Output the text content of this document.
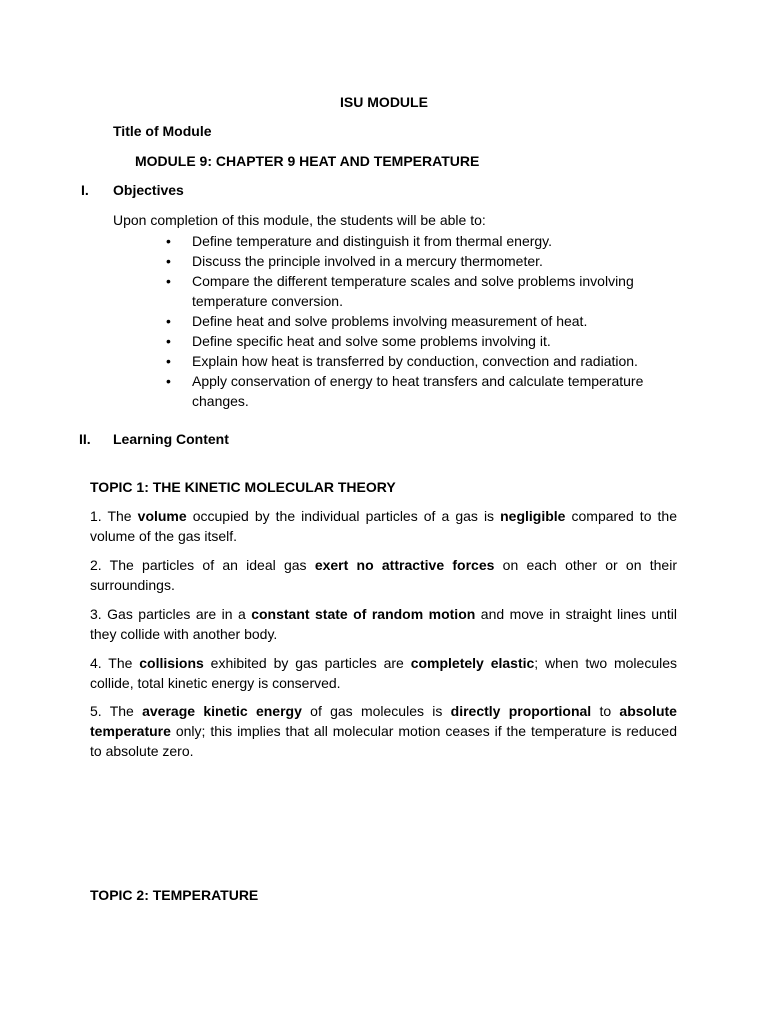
ISU MODULE

Title of Module

MODULE 9: CHAPTER 9 HEAT AND TEMPERATURE

I. Objectives

Upon completion of this module, the students will be able to:

•	Define temperature and distinguish it from thermal energy.
•	Discuss the principle involved in a mercury thermometer.
•	Compare the different temperature scales and solve problems involving temperature conversion.
•	Define heat and solve problems involving measurement of heat.
•	Define specific heat and solve some problems involving it.
•	Explain how heat is transferred by conduction, convection and radiation.
•	Apply conservation of energy to heat transfers and calculate temperature changes.
II. Learning Content

TOPIC 1: THE KINETIC MOLECULAR THEORY

1. The volume occupied by the individual particles of a gas is negligible compared to the volume of the gas itself.

2. The particles of an ideal gas exert no attractive forces on each other or on their surroundings.

3. Gas particles are in a constant state of random motion and move in straight lines until they collide with another body.

4. The collisions exhibited by gas particles are completely elastic; when two molecules collide, total kinetic energy is conserved.

5. The average kinetic energy of gas molecules is directly proportional to absolute temperature only; this implies that all molecular motion ceases if the temperature is reduced to absolute zero.

TOPIC 2: TEMPERATURE
